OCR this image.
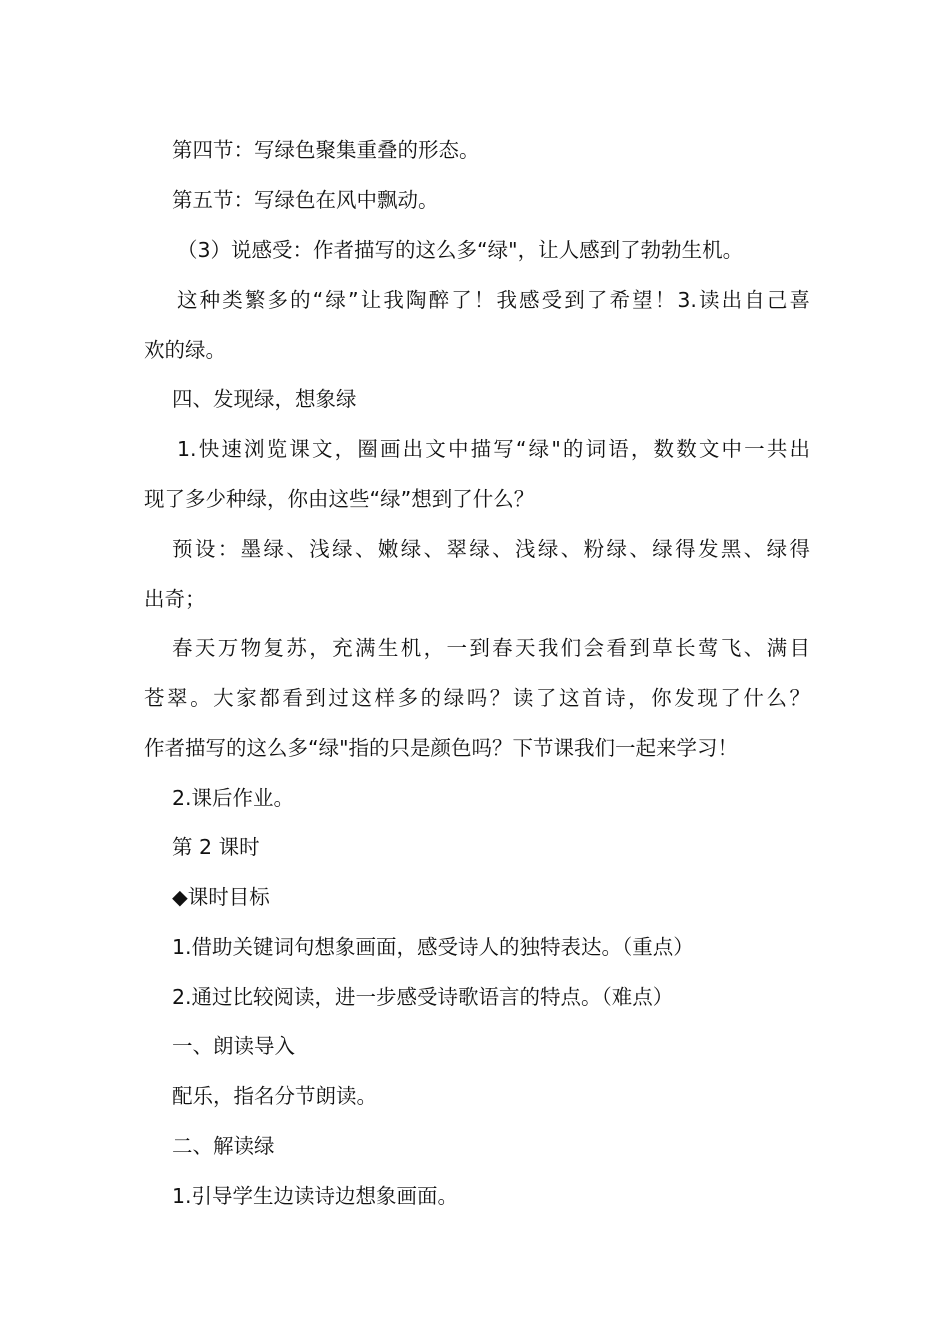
第四节：写绿色聚集重叠的形态。
第五节：写绿色在风中飘动。
（3）说感受：作者描写的这么多“绿"，让人感到了勃勃生机。
这种类繁多的“绿”让我陶醉了！我感受到了希望！3.读出自己喜
欢的绿。
四、发现绿，想象绿
1.快速浏览课文，圈画出文中描写“绿"的词语，数数文中一共出
现了多少种绿，你由这些“绿”想到了什么？
预设：墨绿、浅绿、嫩绿、翠绿、浅绿、粉绿、绿得发黑、绿得
出奇；
春天万物复苏，充满生机，一到春天我们会看到草长莺飞、满目
苍翠。大家都看到过这样多的绿吗？读了这首诗，你发现了什么？
作者描写的这么多“绿"指的只是颜色吗？下节课我们一起来学习！
2.课后作业。
第 2 课时
◆课时目标
1.借助关键词句想象画面，感受诗人的独特表达。（重点）
2.通过比较阅读，进一步感受诗歌语言的特点。（难点）
一、朗读导入
配乐，指名分节朗读。
二、解读绿
1.引导学生边读诗边想象画面。
